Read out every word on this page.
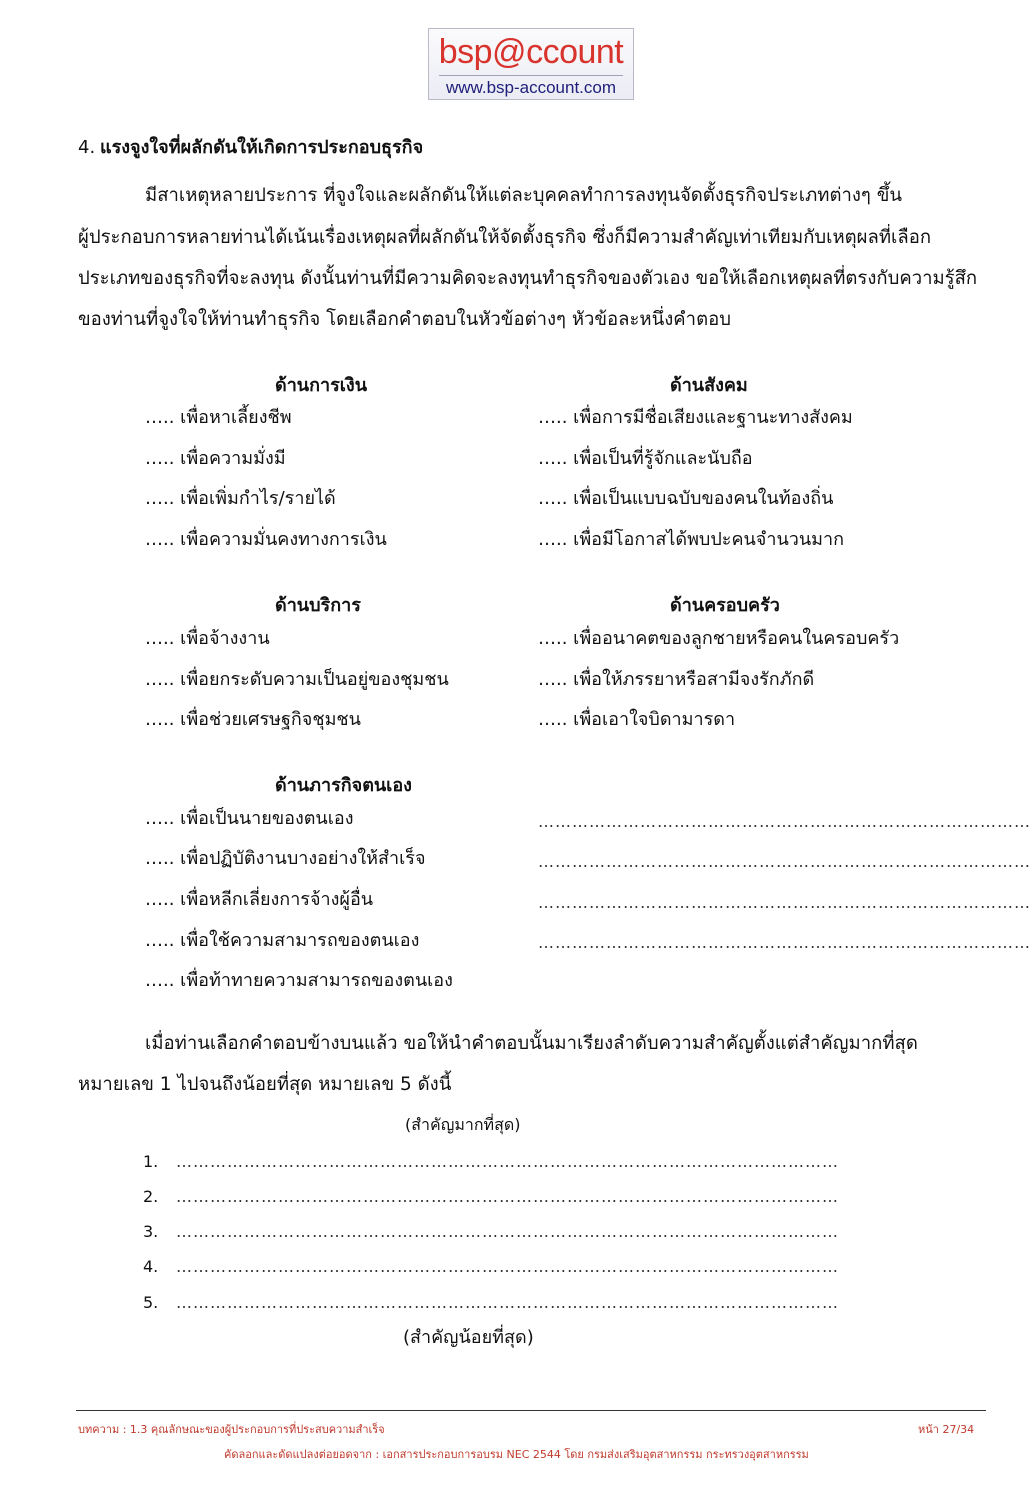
bsp@ccount
www.bsp-account.com
4. แรงจูงใจที่ผลักดันให้เกิดการประกอบธุรกิจ
มีสาเหตุหลายประการ ที่จูงใจและผลักดันให้แต่ละบุคคลทำการลงทุนจัดตั้งธุรกิจประเภทต่างๆ ขึ้น
ผู้ประกอบการหลายท่านได้เน้นเรื่องเหตุผลที่ผลักดันให้จัดตั้งธุรกิจ ซึ่งก็มีความสำคัญเท่าเทียมกับเหตุผลที่เลือก
ประเภทของธุรกิจที่จะลงทุน ดังนั้นท่านที่มีความคิดจะลงทุนทำธุรกิจของตัวเอง ขอให้เลือกเหตุผลที่ตรงกับความรู้สึก
ของท่านที่จูงใจให้ท่านทำธุรกิจ โดยเลือกคำตอบในหัวข้อต่างๆ หัวข้อละหนึ่งคำตอบ
ด้านการเงิน
….. เพื่อหาเลี้ยงชีพ
….. เพื่อความมั่งมี
….. เพื่อเพิ่มกำไร/รายได้
….. เพื่อความมั่นคงทางการเงิน
ด้านสังคม
….. เพื่อการมีชื่อเสียงและฐานะทางสังคม
….. เพื่อเป็นที่รู้จักและนับถือ
….. เพื่อเป็นแบบฉบับของคนในท้องถิ่น
….. เพื่อมีโอกาสได้พบปะคนจำนวนมาก
ด้านบริการ
….. เพื่อจ้างงาน
….. เพื่อยกระดับความเป็นอยู่ของชุมชน
….. เพื่อช่วยเศรษฐกิจชุมชน
ด้านครอบครัว
….. เพื่ออนาคตของลูกชายหรือคนในครอบครัว
….. เพื่อให้ภรรยาหรือสามีจงรักภักดี
….. เพื่อเอาใจบิดามารดา
ด้านภารกิจตนเอง
….. เพื่อเป็นนายของตนเอง
….. เพื่อปฏิบัติงานบางอย่างให้สำเร็จ
….. เพื่อหลีกเลี่ยงการจ้างผู้อื่น
….. เพื่อใช้ความสามารถของตนเอง
….. เพื่อท้าทายความสามารถของตนเอง
……………………………………………………………………………
……………………………………………………………………………
……………………………………………………………………………
……………………………………………………………………………
เมื่อท่านเลือกคำตอบข้างบนแล้ว ขอให้นำคำตอบนั้นมาเรียงลำดับความสำคัญตั้งแต่สำคัญมากที่สุด
หมายเลข 1 ไปจนถึงน้อยที่สุด หมายเลข 5 ดังนี้
(สำคัญมากที่สุด)
1. ………………………………………………………………………………………………………
2. ………………………………………………………………………………………………………
3. ………………………………………………………………………………………………………
4. ………………………………………………………………………………………………………
5. ………………………………………………………………………………………………………
(สำคัญน้อยที่สุด)
บทความ : 1.3 คุณลักษณะของผู้ประกอบการที่ประสบความสำเร็จ	หน้า 27/34
คัดลอกและดัดแปลงต่อยอดจาก : เอกสารประกอบการอบรม NEC 2544 โดย กรมส่งเสริมอุตสาหกรรม กระทรวงอุตสาหกรรม
